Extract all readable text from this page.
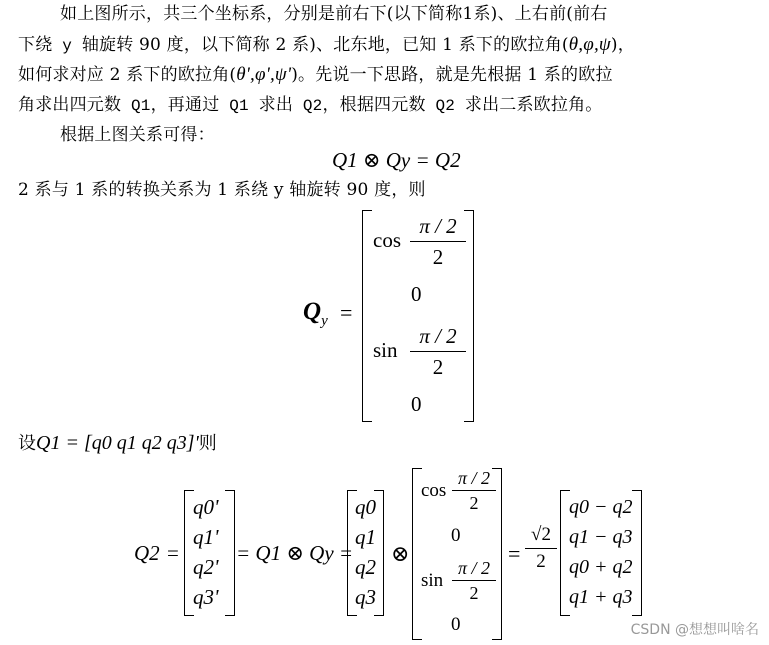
如上图所示，共三个坐标系，分别是前右下(以下简称1系)、上右前(前右
下绕 y 轴旋转 90 度，以下简称 2 系)、北东地，已知 1 系下的欧拉角(θ,φ,ψ)，
如何求对应 2 系下的欧拉角(θ',φ',ψ')。先说一下思路，就是先根据 1 系的欧拉
角求出四元数 Q1，再通过 Q1 求出 Q2，根据四元数 Q2 求出二系欧拉角。
根据上图关系可得：
Q1 ⊗ Qy = Q2
2 系与 1 系的转换关系为 1 系绕 y 轴旋转 90 度，则
$Q_y$ =
$\cos \frac{\pi / 2}{2}$
0
$\sin \frac{\pi / 2}{2}$
0
设Q1 = [q0 q1 q2 q3]'则
Q2 =
q0'
q1'
q2'
q3'
= Q1 ⊗ Qy =
q0
q1
q2
q3
⊗
$\cos \frac{\pi / 2}{2}$
0
$\sin \frac{\pi / 2}{2}$
0
= $\frac{√2}{2}$
q0 − q2
q1 − q3
q0 + q2
q1 + q3
CSDN @想想叫啥名
